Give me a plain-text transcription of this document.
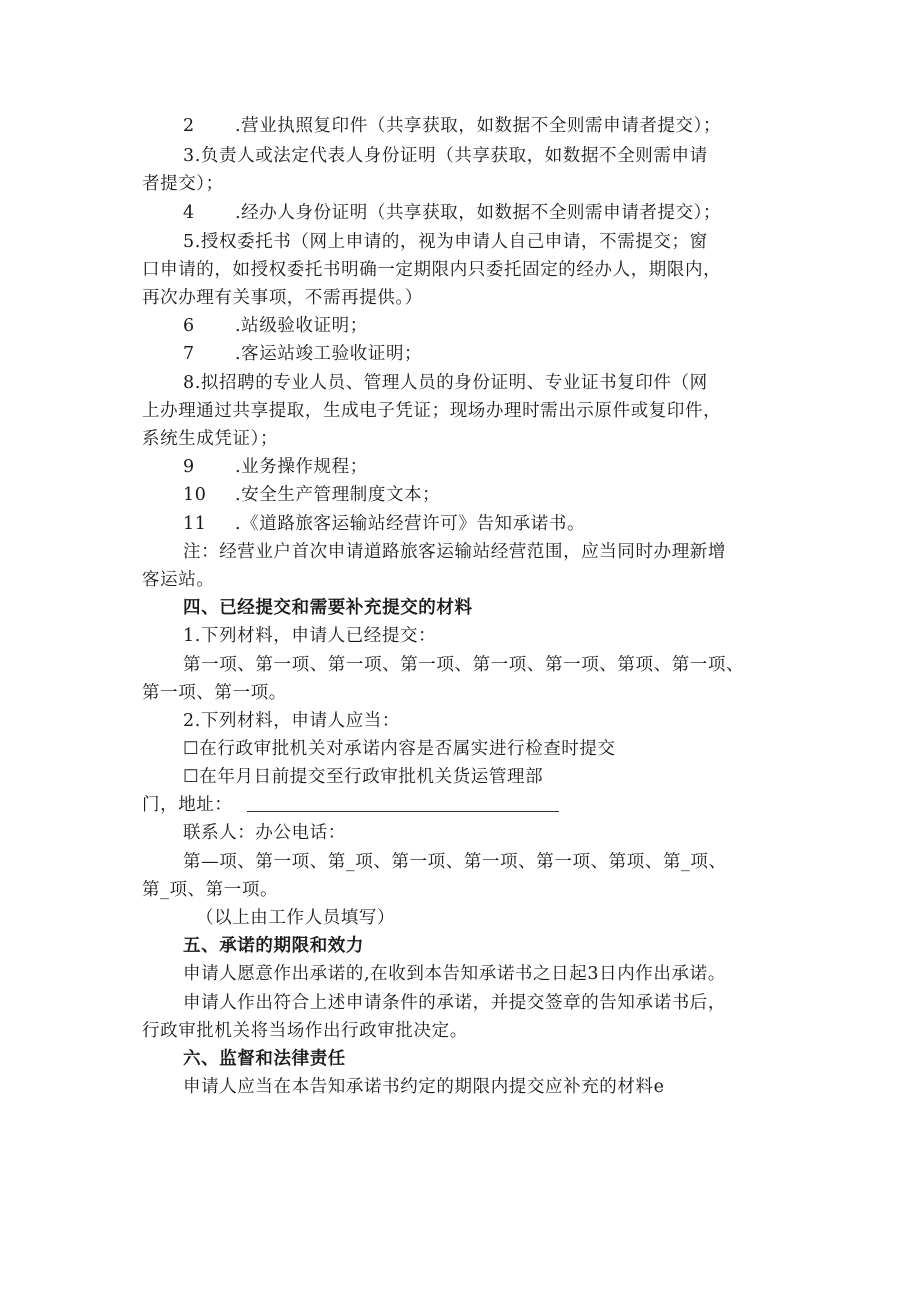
2 .营业执照复印件（共享获取，如数据不全则需申请者提交）；
3.负责人或法定代表人身份证明（共享获取，如数据不全则需申请
者提交）；
4 .经办人身份证明（共享获取，如数据不全则需申请者提交）；
5.授权委托书（网上申请的，视为申请人自己申请，不需提交；窗
口申请的，如授权委托书明确一定期限内只委托固定的经办人，期限内，
再次办理有关事项，不需再提供。）
6 .站级验收证明；
7 .客运站竣工验收证明；
8.拟招聘的专业人员、管理人员的身份证明、专业证书复印件（网
上办理通过共享提取，生成电子凭证；现场办理时需出示原件或复印件，
系统生成凭证）；
9 .业务操作规程；
10 .安全生产管理制度文本；
11 .《道路旅客运输站经营许可》告知承诺书。
注：经营业户首次申请道路旅客运输站经营范围，应当同时办理新增
客运站。
四、已经提交和需要补充提交的材料
1.下列材料，申请人已经提交：
第一项、第一项、第一项、第一项、第一项、第一项、第项、第一项、
第一项、第一项。
2.下列材料，申请人应当：
☐在行政审批机关对承诺内容是否属实进行检查时提交
☐在年月日前提交至行政审批机关货运管理部
门，地址：
联系人：办公电话：
第—项、第一项、第_项、第一项、第一项、第一项、第项、第_项、
第_项、第一项。
（以上由工作人员填写）
五、承诺的期限和效力
申请人愿意作出承诺的,在收到本告知承诺书之日起3日内作出承诺。
申请人作出符合上述申请条件的承诺，并提交签章的告知承诺书后，
行政审批机关将当场作出行政审批决定。
六、监督和法律责任
申请人应当在本告知承诺书约定的期限内提交应补充的材料e
